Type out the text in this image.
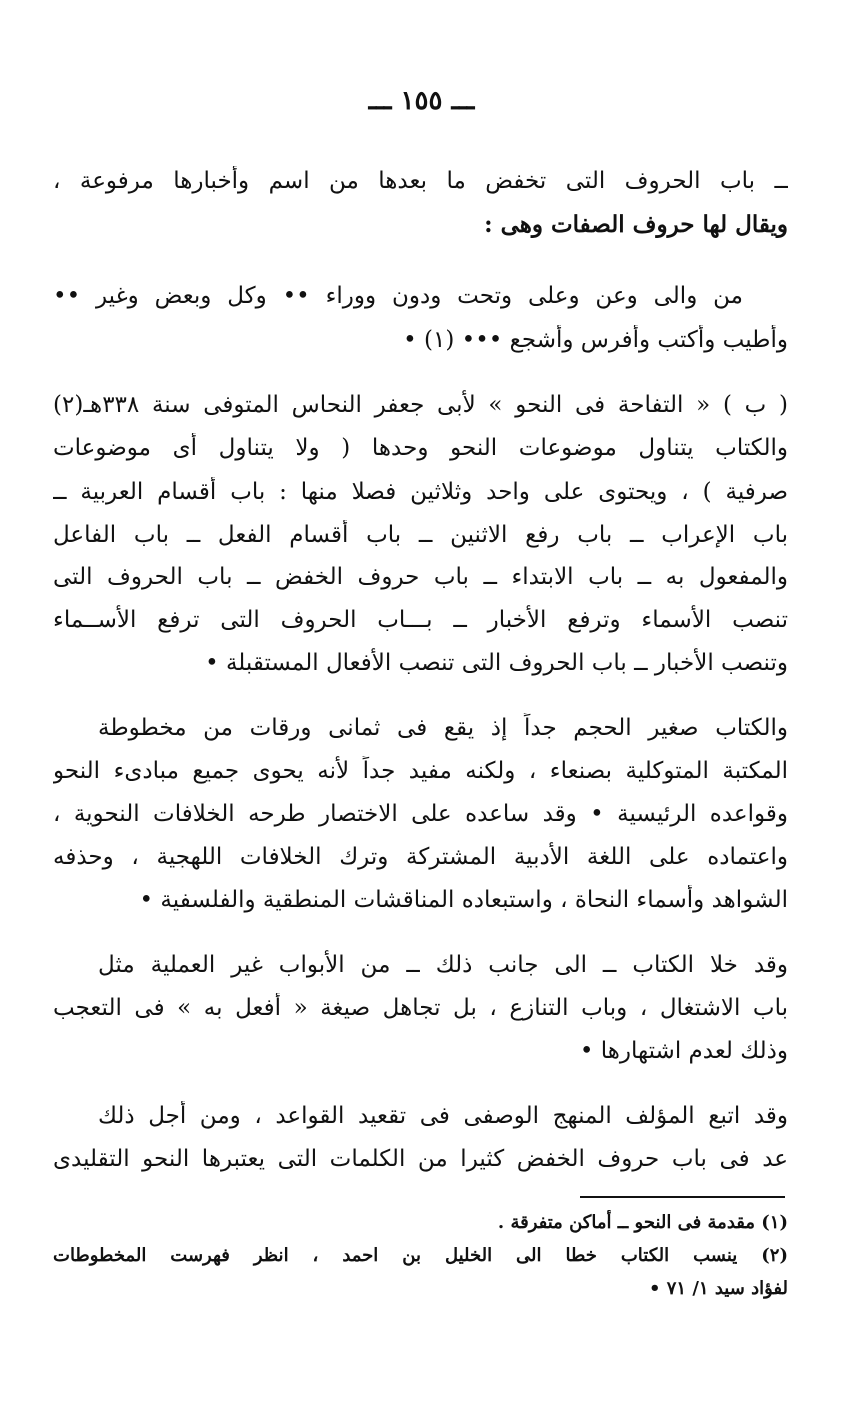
ـــ ١٥٥ ـــ
ــ باب الحروف التى تخفض ما بعدها من اسم وأخبارها مرفوعة ،
ويقال لها حروف الصفات وهى :
من والى وعن وعلى وتحت ودون ووراء •• وكل وبعض وغير ••
وأطيب وأكتب وأفرس وأشجع ••• (١) •
( ب ) « التفاحة فى النحو » لأبى جعفر النحاس المتوفى سنة ٣٣٨هـ(٢)
والكتاب يتناول موضوعات النحو وحدها ( ولا يتناول أى موضوعات
صرفية ) ، ويحتوى على واحد وثلاثين فصلا منها : باب أقسام العربية ــ
باب الإعراب ــ باب رفع الاثنين ــ باب أقسام الفعل ــ باب الفاعل
والمفعول به ــ باب الابتداء ــ باب حروف الخفض ــ باب الحروف التى
تنصب الأسماء وترفع الأخبار ــ بـــاب الحروف التى ترفع الأســماء
وتنصب الأخبار ــ باب الحروف التى تنصب الأفعال المستقبلة •
والكتاب صغير الحجم جداً إذ يقع فى ثمانى ورقات من مخطوطة
المكتبة المتوكلية بصنعاء ، ولكنه مفيد جداً لأنه يحوى جميع مبادىء النحو
وقواعده الرئيسية • وقد ساعده على الاختصار طرحه الخلافات النحوية ،
واعتماده على اللغة الأدبية المشتركة وترك الخلافات اللهجية ، وحذفه
الشواهد وأسماء النحاة ، واستبعاده المناقشات المنطقية والفلسفية •
وقد خلا الكتاب ــ الى جانب ذلك ــ من الأبواب غير العملية مثل
باب الاشتغال ، وباب التنازع ، بل تجاهل صيغة « أفعل به » فى التعجب
وذلك لعدم اشتهارها •
وقد اتبع المؤلف المنهج الوصفى فى تقعيد القواعد ، ومن أجل ذلك
عد فى باب حروف الخفض كثيرا من الكلمات التى يعتبرها النحو التقليدى
(١) مقدمة فى النحو ــ أماكن متفرقة .
(٢) ينسب الكتاب خطا الى الخليل بن احمد ، انظر فهرست المخطوطات
لفؤاد سيد ١/ ٧١ •
